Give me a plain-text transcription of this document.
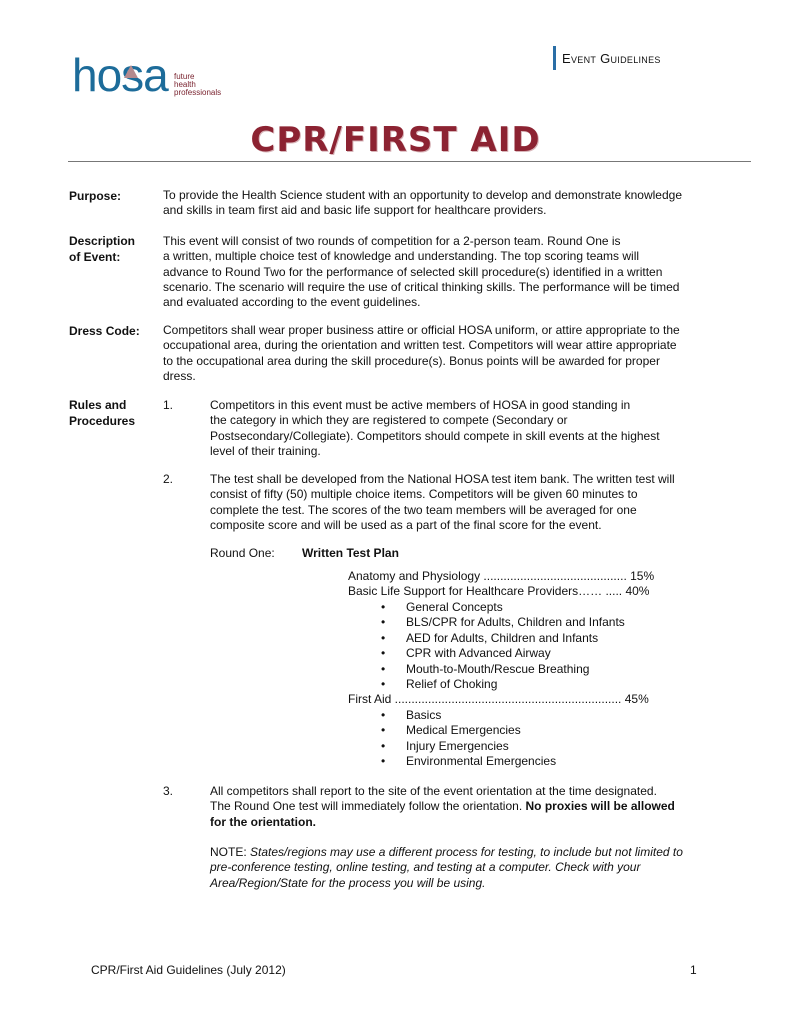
Event Guidelines
hosa future
health
professionals
CPR/FIRST AID
Purpose:	To provide the Health Science student with an opportunity to develop and demonstrate knowledge
and skills in team first aid and basic life support for healthcare providers.
Description
of Event:
This event will consist of two rounds of competition for a 2-person team. Round One is
a written, multiple choice test of knowledge and understanding. The top scoring teams will
advance to Round Two for the performance of selected skill procedure(s) identified in a written
scenario. The scenario will require the use of critical thinking skills. The performance will be timed
and evaluated according to the event guidelines.
Dress Code: Competitors shall wear proper business attire or official HOSA uniform, or attire appropriate to the
occupational area, during the orientation and written test. Competitors will wear attire appropriate
to the occupational area during the skill procedure(s). Bonus points will be awarded for proper
dress.
Rules and
Procedures
1.	Competitors in this event must be active members of HOSA in good standing in
the category in which they are registered to compete (Secondary or
Postsecondary/Collegiate). Competitors should compete in skill events at the highest
level of their training.
2.	The test shall be developed from the National HOSA test item bank. The written test will
consist of fifty (50) multiple choice items. Competitors will be given 60 minutes to
complete the test. The scores of the two team members will be averaged for one
composite score and will be used as a part of the final score for the event.
Round One: Written Test Plan
Anatomy and Physiology ........................................... 15%
Basic Life Support for Healthcare Providers…… ..... 40%
• General Concepts
• BLS/CPR for Adults, Children and Infants
• AED for Adults, Children and Infants
• CPR with Advanced Airway
• Mouth-to-Mouth/Rescue Breathing
• Relief of Choking
First Aid .................................................................... 45%
• Basics
• Medical Emergencies
• Injury Emergencies
• Environmental Emergencies
3.	All competitors shall report to the site of the event orientation at the time designated.
The Round One test will immediately follow the orientation. No proxies will be allowed
for the orientation.
NOTE: States/regions may use a different process for testing, to include but not limited to
pre-conference testing, online testing, and testing at a computer. Check with your
Area/Region/State for the process you will be using.
CPR/First Aid Guidelines (July 2012)	1
